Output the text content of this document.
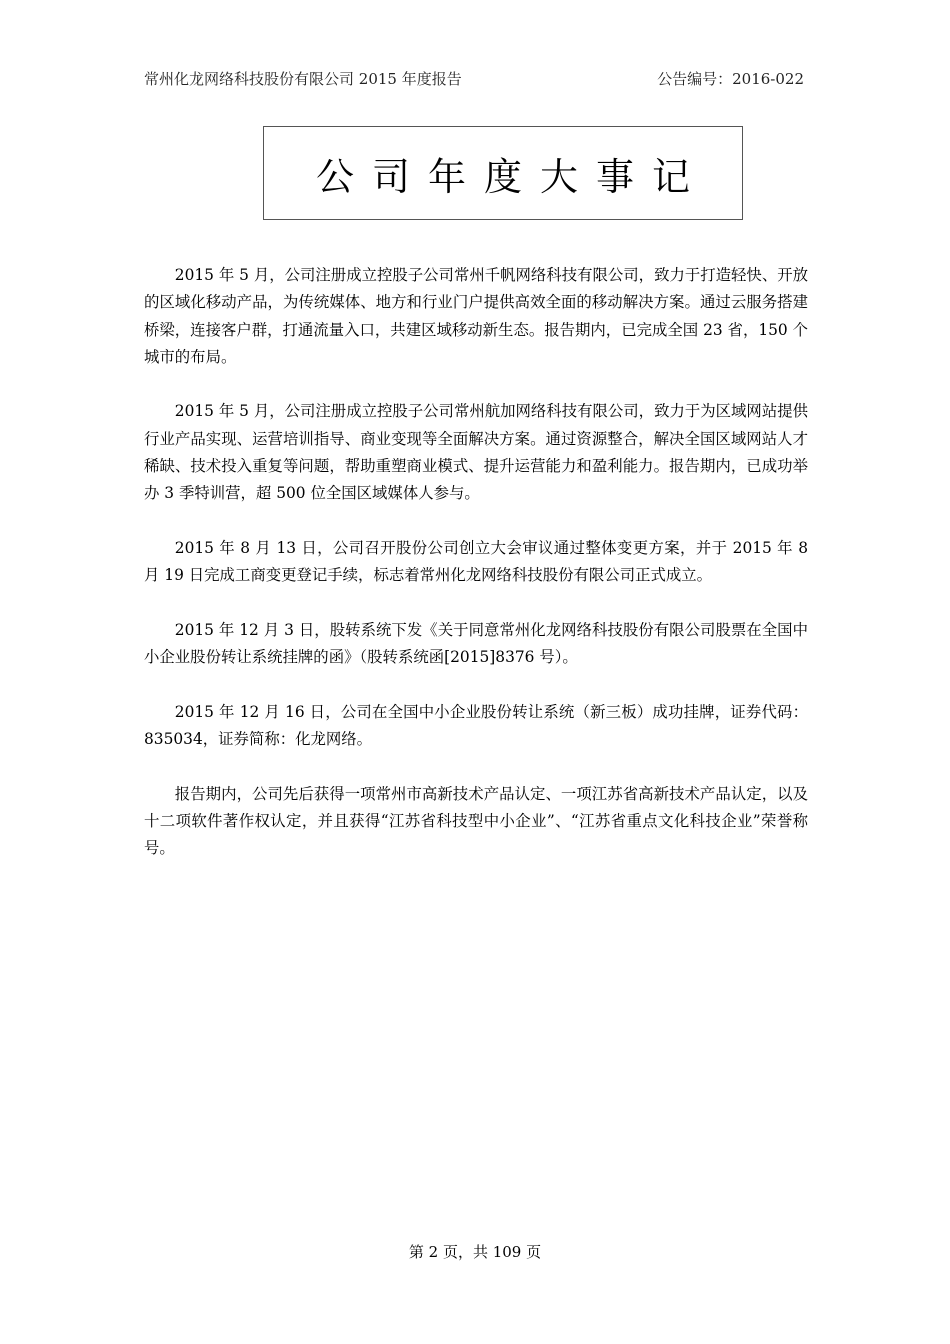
常州化龙网络科技股份有限公司 2015 年度报告	公告编号：2016-022
公司年度大事记

2015 年 5 月，公司注册成立控股子公司常州千帆网络科技有限公司，致力于打造轻快、开放的区域化移动产品，为传统媒体、地方和行业门户提供高效全面的移动解决方案。通过云服务搭建桥梁，连接客户群，打通流量入口，共建区域移动新生态。报告期内，已完成全国 23 省，150 个城市的布局。

2015 年 5 月，公司注册成立控股子公司常州航加网络科技有限公司，致力于为区域网站提供行业产品实现、运营培训指导、商业变现等全面解决方案。通过资源整合，解决全国区域网站人才稀缺、技术投入重复等问题，帮助重塑商业模式、提升运营能力和盈利能力。报告期内，已成功举办 3 季特训营，超 500 位全国区域媒体人参与。

2015 年 8 月 13 日，公司召开股份公司创立大会审议通过整体变更方案，并于 2015 年 8 月 19 日完成工商变更登记手续，标志着常州化龙网络科技股份有限公司正式成立。

2015 年 12 月 3 日，股转系统下发《关于同意常州化龙网络科技股份有限公司股票在全国中小企业股份转让系统挂牌的函》（股转系统函[2015]8376 号）。

2015 年 12 月 16 日，公司在全国中小企业股份转让系统（新三板）成功挂牌，证券代码：835034，证券简称：化龙网络。

报告期内，公司先后获得一项常州市高新技术产品认定、一项江苏省高新技术产品认定，以及十二项软件著作权认定，并且获得“江苏省科技型中小企业”、“江苏省重点文化科技企业”荣誉称号。

第 2 页，共 109 页
